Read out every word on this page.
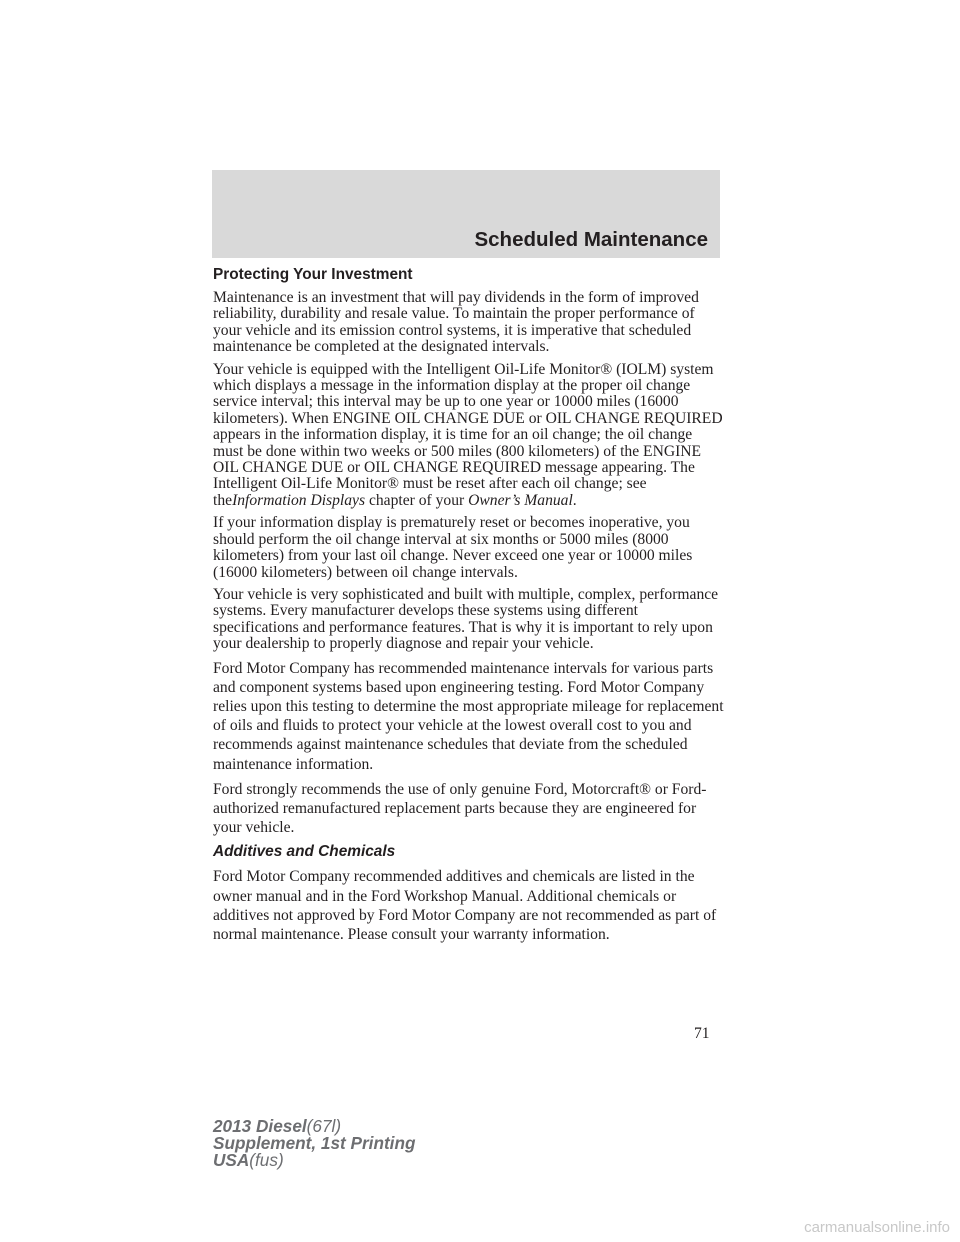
Scheduled Maintenance
Protecting Your Investment

Maintenance is an investment that will pay dividends in the form of improved reliability, durability and resale value. To maintain the proper performance of your vehicle and its emission control systems, it is imperative that scheduled maintenance be completed at the designated intervals.

Your vehicle is equipped with the Intelligent Oil-Life Monitor® (IOLM) system which displays a message in the information display at the proper oil change service interval; this interval may be up to one year or 10000 miles (16000 kilometers). When ENGINE OIL CHANGE DUE or OIL CHANGE REQUIRED appears in the information display, it is time for an oil change; the oil change must be done within two weeks or 500 miles (800 kilometers) of the ENGINE OIL CHANGE DUE or OIL CHANGE REQUIRED message appearing. The Intelligent Oil-Life Monitor® must be reset after each oil change; see theInformation Displays chapter of your Owner’s Manual.

If your information display is prematurely reset or becomes inoperative, you should perform the oil change interval at six months or 5000 miles (8000 kilometers) from your last oil change. Never exceed one year or 10000 miles (16000 kilometers) between oil change intervals.

Your vehicle is very sophisticated and built with multiple, complex, performance systems. Every manufacturer develops these systems using different specifications and performance features. That is why it is important to rely upon your dealership to properly diagnose and repair your vehicle.

Ford Motor Company has recommended maintenance intervals for various parts and component systems based upon engineering testing. Ford Motor Company relies upon this testing to determine the most appropriate mileage for replacement of oils and fluids to protect your vehicle at the lowest overall cost to you and recommends against maintenance schedules that deviate from the scheduled maintenance information.

Ford strongly recommends the use of only genuine Ford, Motorcraft® or Ford-authorized remanufactured replacement parts because they are engineered for your vehicle.

Additives and Chemicals

Ford Motor Company recommended additives and chemicals are listed in the owner manual and in the Ford Workshop Manual. Additional chemicals or additives not approved by Ford Motor Company are not recommended as part of normal maintenance. Please consult your warranty information.

71

2013 Diesel(67l)
Supplement, 1st Printing
USA(fus)
carmanualsonline.info
